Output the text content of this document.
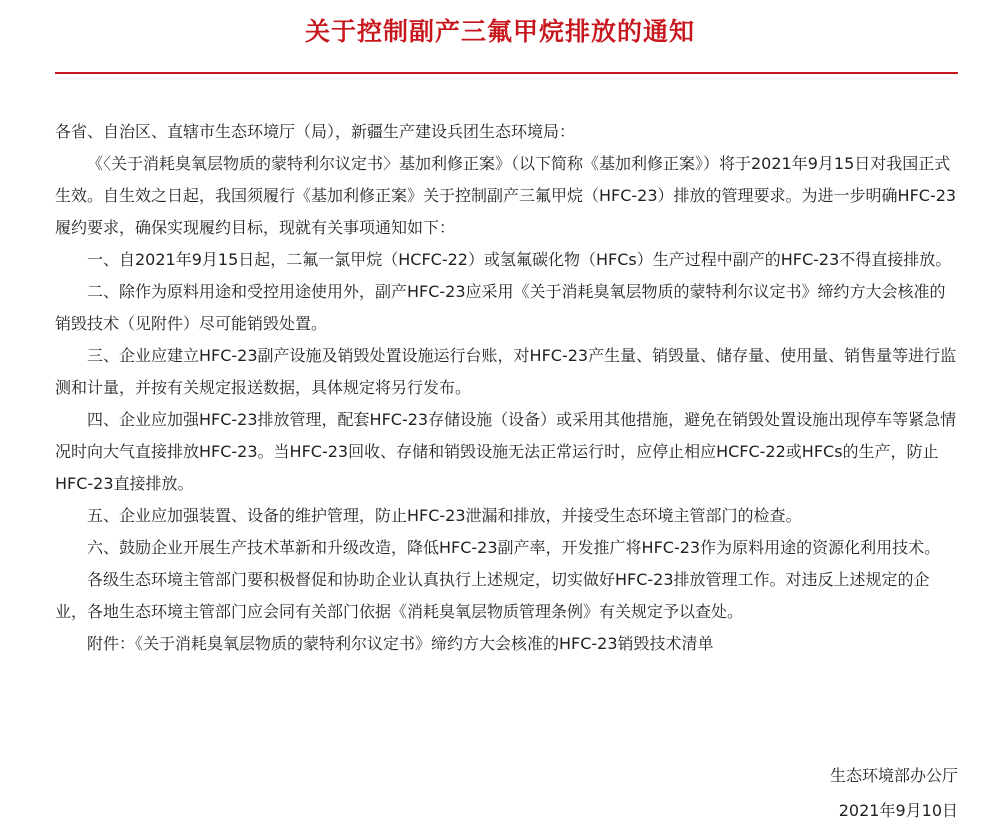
关于控制副产三氟甲烷排放的通知

各省、自治区、直辖市生态环境厅（局），新疆生产建设兵团生态环境局：

《〈关于消耗臭氧层物质的蒙特利尔议定书〉基加利修正案》（以下简称《基加利修正案》）将于2021年9月15日对我国正式生效。自生效之日起，我国须履行《基加利修正案》关于控制副产三氟甲烷（HFC-23）排放的管理要求。为进一步明确HFC-23履约要求，确保实现履约目标，现就有关事项通知如下：

一、自2021年9月15日起，二氟一氯甲烷（HCFC-22）或氢氟碳化物（HFCs）生产过程中副产的HFC-23不得直接排放。

二、除作为原料用途和受控用途使用外，副产HFC-23应采用《关于消耗臭氧层物质的蒙特利尔议定书》缔约方大会核准的销毁技术（见附件）尽可能销毁处置。

三、企业应建立HFC-23副产设施及销毁处置设施运行台账，对HFC-23产生量、销毁量、储存量、使用量、销售量等进行监测和计量，并按有关规定报送数据，具体规定将另行发布。

四、企业应加强HFC-23排放管理，配套HFC-23存储设施（设备）或采用其他措施，避免在销毁处置设施出现停车等紧急情况时向大气直接排放HFC-23。当HFC-23回收、存储和销毁设施无法正常运行时，应停止相应HCFC-22或HFCs的生产，防止HFC-23直接排放。

五、企业应加强装置、设备的维护管理，防止HFC-23泄漏和排放，并接受生态环境主管部门的检查。

六、鼓励企业开展生产技术革新和升级改造，降低HFC-23副产率，开发推广将HFC-23作为原料用途的资源化利用技术。

各级生态环境主管部门要积极督促和协助企业认真执行上述规定，切实做好HFC-23排放管理工作。对违反上述规定的企业，各地生态环境主管部门应会同有关部门依据《消耗臭氧层物质管理条例》有关规定予以查处。

附件：《关于消耗臭氧层物质的蒙特利尔议定书》缔约方大会核准的HFC-23销毁技术清单

生态环境部办公厅
2021年9月10日
